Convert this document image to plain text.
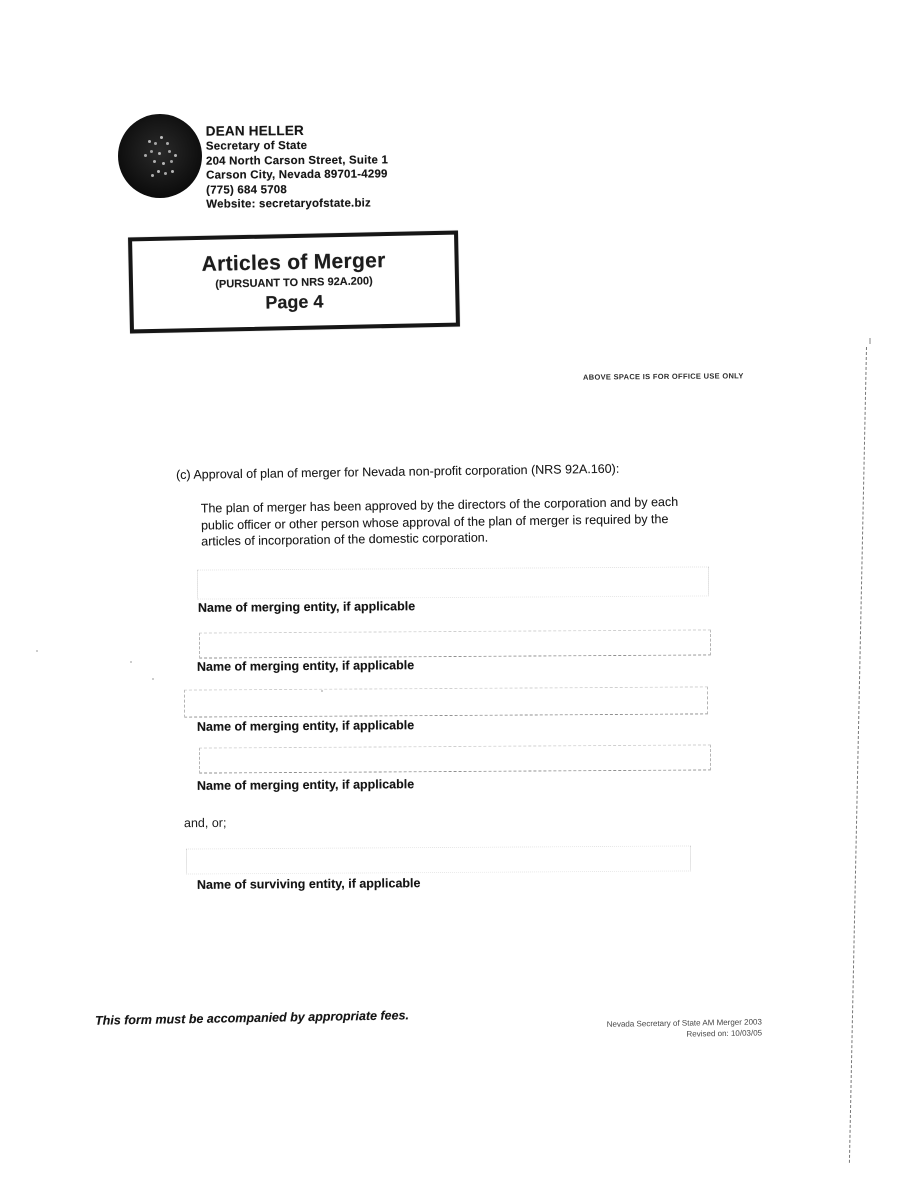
DEAN HELLER
Secretary of State
204 North Carson Street, Suite 1
Carson City, Nevada 89701-4299
(775) 684 5708
Website: secretaryofstate.biz
Articles of Merger
(PURSUANT TO NRS 92A.200)
Page 4
ABOVE SPACE IS FOR OFFICE USE ONLY
(c) Approval of plan of merger for Nevada non-profit corporation (NRS 92A.160):
The plan of merger has been approved by the directors of the corporation and by each public officer or other person whose approval of the plan of merger is required by the articles of incorporation of the domestic corporation.
Name of merging entity, if applicable
Name of merging entity, if applicable
Name of merging entity, if applicable
Name of merging entity, if applicable
and, or;
Name of surviving entity, if applicable
This form must be accompanied by appropriate fees.	Nevada Secretary of State AM Merger 2003
Revised on: 10/03/05
